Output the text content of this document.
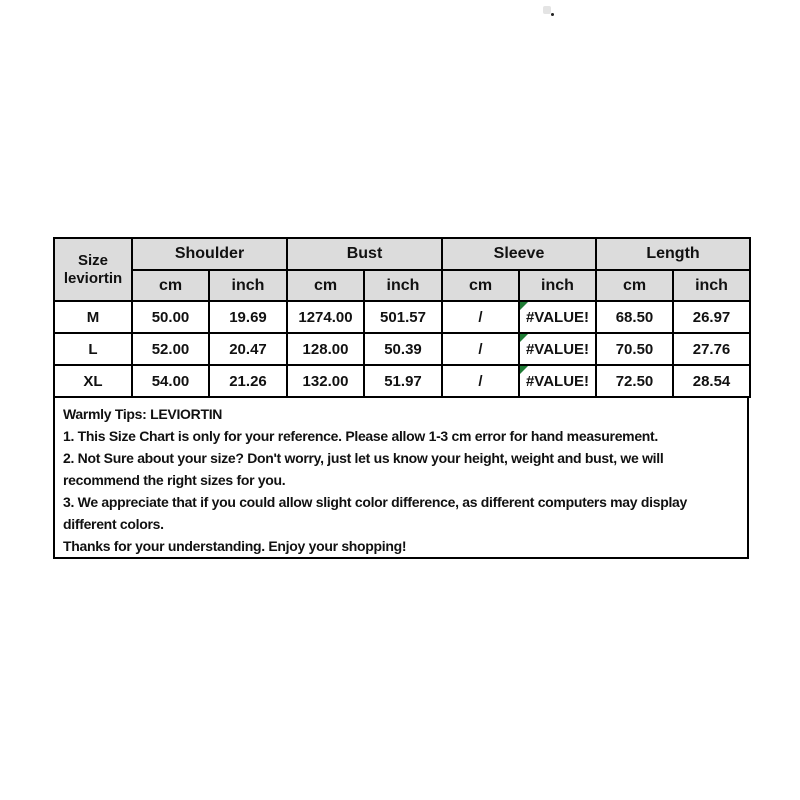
Size
leviortin	Shoulder		Bust		Sleeve		Length	
	cm	inch	cm	inch	cm	inch	cm	inch
M	50.00	19.69	1274.00	501.57	/	#VALUE!	68.50	26.97
L	52.00	20.47	128.00	50.39	/	#VALUE!	70.50	27.76
XL	54.00	21.26	132.00	51.97	/	#VALUE!	72.50	28.54
Warmly Tips: LEVIORTIN
1. This Size Chart is only for your reference. Please allow 1-3 cm error for hand measurement.
2. Not Sure about your size? Don't worry, just let us know your height, weight and bust, we will
recommend the right sizes for you.
3. We appreciate that if you could allow slight color difference, as different computers may display
different colors.
Thanks for your understanding. Enjoy your shopping!
